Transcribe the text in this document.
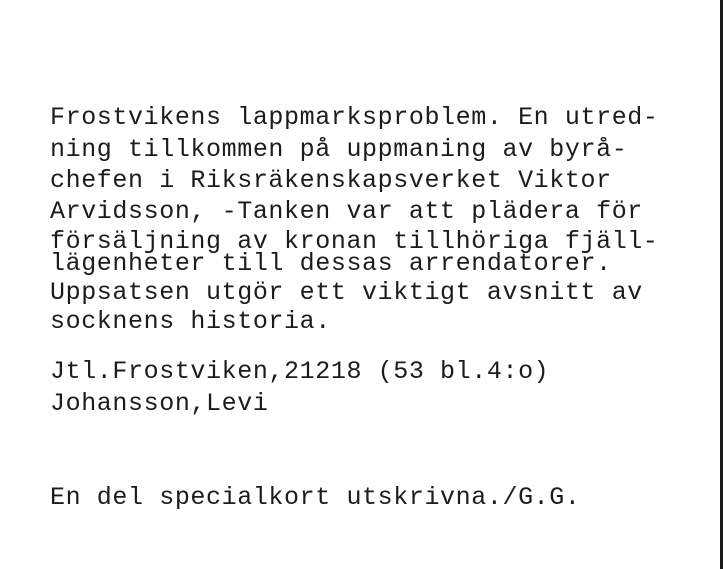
Frostvikens lappmarksproblem. En utred-
ning tillkommen på uppmaning av byrå-
chefen i Riksräkenskapsverket Viktor
Arvidsson, -Tanken var att plädera för
försäljning av kronan tillhöriga fjäll-
lägenheter till dessas arrendatorer.
Uppsatsen utgör ett viktigt avsnitt av
socknens historia.
Jtl.Frostviken,21218 (53 bl.4:o)
Johansson,Levi
En del specialkort utskrivna./G.G.
